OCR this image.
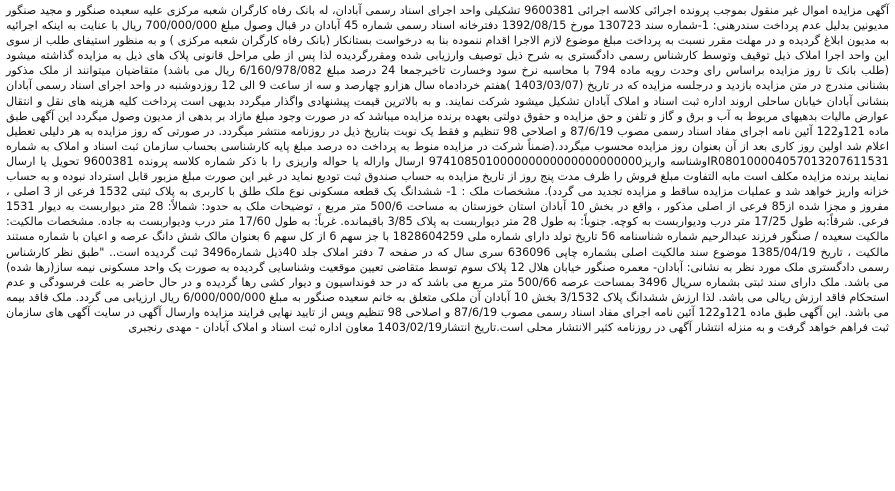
آگهی مزایده اموال غیر منقول بموجب پرونده اجرائی کلاسه اجرائی 9600381 تشکیلی واحد اجرای اسناد رسمی آبادان، له بانک رفاه کارگران شعبه مرکزی علیه سعیده صنگور و مجید صنگور مدیونین بدلیل عدم پرداخت سندرهنی: 1-شماره سند 130723 مورخ 1392/08/15 دفترخانه اسناد رسمی شماره 45 آبادان در قبال وصول مبلغ 700/000/000 ریال با عنایت به اینکه اجرائیه به مدیون ابلاغ گردیده و در مهلت مقرر نسبت به پرداخت مبلغ موضوع لازم الاجرا اقدام ننموده بنا به درخواست بستانکار (بانک رفاه کارگران شعبه مرکزی ) و به منظور استیفای طلب از سوی این واحد اجرا املاک ذیل توقیف وتوسط کارشناس رسمی دادگستری به شرح ذیل توصیف وارزیابی شده ومقررگردیده لذا پس از طی مراحل قانونی پلاک های ذیل به مزایده گذاشته میشود (طلب بانک تا روز مزایده براساس رای وحدت رویه ماده 794 با محاسبه نرخ سود وخسارت تاخیرجمعا 24 درصد مبلغ 6/160/978/082 ریال می باشد) متقاضیان میتوانند از ملک مذکور بشنانی مندرج در متن مزایده بازدید و درجلسه مزایده که در تاریخ (1403/03/07 )هفتم خردادماه سال هزارو چهارصد و سه از ساعت 9 الی 12 روزدوشنبه در واحد اجرای اسناد رسمی آبادان بنشانی آبادان خیابان ساحلی اروند اداره ثبت اسناد و املاک آبادان تشکیل میشود شرکت نمایند. و به بالاترین قیمت پیشنهادی واگذار میگردد بدیهی است پرداخت کلیه هزینه های نقل و انتقال عوارض مالیات بدهیهای مربوط به آب و برق و گاز و تلفن و حق مزایده و حقوق دولتی بعهده برنده مزایده میباشد که در صورت وجود مبلغ مازاد بر بدهی از مدیون وصول میگردد این آگهی طبق ماده 121و122 آئین نامه اجرای مفاد اسناد رسمی مصوب 87/6/19 و اصلاحی 98 تنظیم و فقط یک نوبت بتاریخ ذیل در روزنامه منتشر میگردد. در صورتی که روز مزایده به هر دلیلی تعطیل اعلام شد اولین روز کاری بعد از آن بعنوان روز مزایده محسوب میگردد.(ضمناً شرکت در مزایده منوط به پرداخت ده درصد مبلغ پایه کارشناسی بحساب سازمان ثبت اسناد و املاک به شماره IR080100004057013207611531وشناسه واریز974108501000000000000000000000 ارسال واراله یا حواله واریزی را با ذکر شماره کلاسه پرونده 9600381 تحویل یا ارسال نمایند برنده مزایده مکلف است مابه التفاوت مبلغ فروش را ظرف مدت پنج روز از تاریخ مزایده به حساب صندوق ثبت تودیع نماید در غیر این صورت مبلغ مزبور قابل استرداد نبوده و به حساب خزانه واریز خواهد شد و عملیات مزایده ساقط و مزایده تجدید می گردد). مشخصات ملک : 1- ششدانگ یک قطعه مسکونی نوع ملک طلق با کاربری به پلاک ثبتی 1532 فرعی از 3 اصلی ، مفروز و مجزا شده از85 فرعی از اصلی مذکور ، واقع در بخش 10 آبادان استان خوزستان به مساحت 500/6 متر مربع ، توضیحات ملک به حدود: شمالاً: 28 متر دیواربست به دیوار 1531 فرعی. شرقاً:به طول 17/25 متر درب ودیواربست به کوچه. جنوباً: به طول 28 متر دیواربست به پلاک 3/85 باقیمانده. غرباً: به طول 17/60 متر درب ودیواربست به جاده. مشخصات مالکیت: مالکیت سعیده / صنگور فرزند عبدالرحیم شماره شناسنامه 56 تاریخ تولد دارای شماره ملی 1828604259 با جز سهم 6 از کل سهم 6 بعنوان مالک شش دانگ عرصه و اعیان با شماره مستند مالکیت ، تاریخ 1385/04/19 موضوع سند مالکیت اصلی بشماره چاپی 636096 سری سال که در صفحه 7 دفتر املاک جلد 40ذیل شماره3496 ثبت گردیده است.. "طبق نظر کارشناس رسمی دادگستری ملک مورد نظر به نشانی: آبادان- معمره صنگور خیابان هلال 12 پلاک سوم توسط متقاضی تعیین موقعیت وشناسایی گردیده به صورت یک واحد مسکونی نیمه ساز(رها شده) می باشد. ملک دارای سند ثبتی بشماره سریال 3496 بمساحت عرصه 500/66 متر مربع می باشد که در حد فونداسیون و دیوار کشی رها گردیده و در حال حاضر به علت فرسودگی و عدم استحکام فاقد ارزش ریالی می باشد. لذا ارزش ششدانگ پلاک 3/1532 بخش 10 آبادان آن ملکی متعلق به خانم سعیده صنگور به مبلغ 6/000/000/000 ریال ارزیابی می گردد. ملک فاقد بیمه می باشد. این آگهی طبق ماده 121و122 آئین نامه اجرای مفاد اسناد رسمی مصوب 87/6/19 و اصلاحی 98 تنظیم وپس از تایید نهایی فرایند مزایده وارسال آگهی در سایت آگهی های سازمان ثبت فراهم خواهد گرفت و به منزله انتشار آگهی در روزنامه کثیر الانتشار محلی است.تاریخ انتشار1403/02/19 معاون اداره ثبت اسناد و املاک آبادان - مهدی رنجبری
